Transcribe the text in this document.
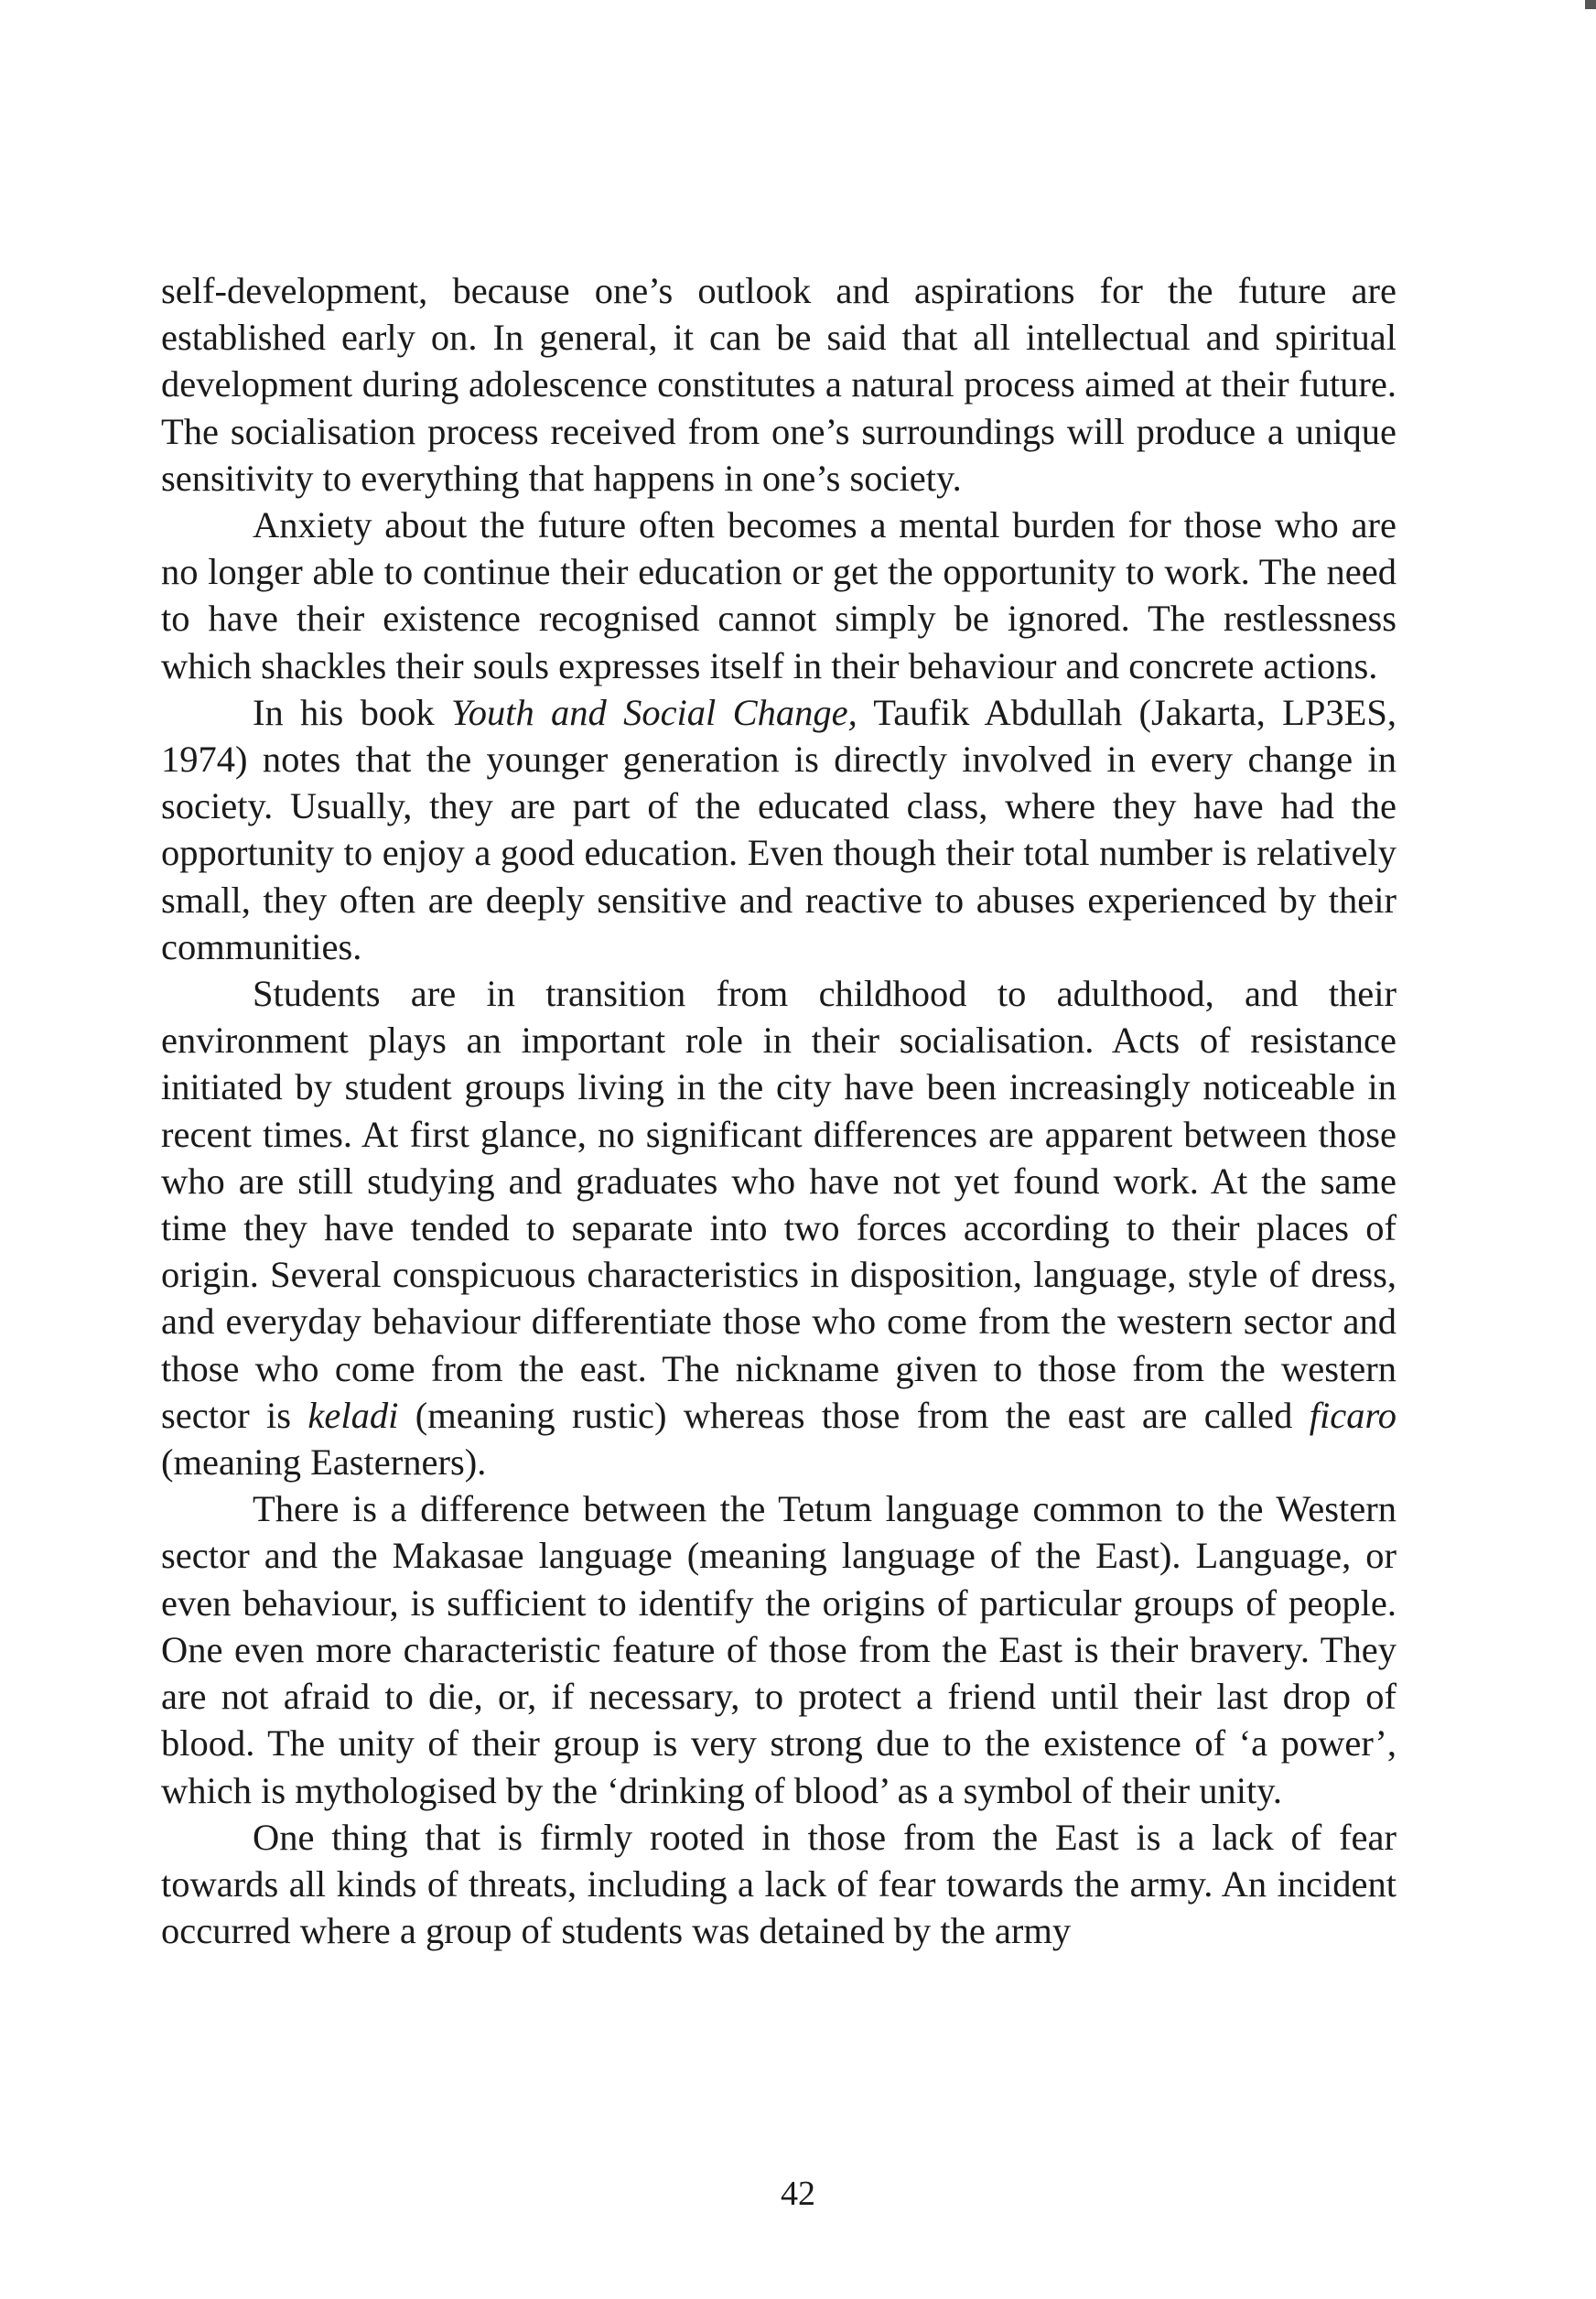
self-development, because one’s outlook and aspirations for the future are established early on. In general, it can be said that all intellectual and spiritual development during adolescence constitutes a natural process aimed at their future. The socialisation process received from one’s surroundings will produce a unique sensitivity to everything that happens in one’s society.

Anxiety about the future often becomes a mental burden for those who are no longer able to continue their education or get the opportunity to work. The need to have their existence recognised cannot simply be ignored. The restlessness which shackles their souls expresses itself in their behaviour and concrete actions.

In his book Youth and Social Change, Taufik Abdullah (Jakarta, LP3ES, 1974) notes that the younger generation is directly involved in every change in society. Usually, they are part of the educated class, where they have had the opportunity to enjoy a good education. Even though their total number is relatively small, they often are deeply sensitive and reactive to abuses experienced by their communities.

Students are in transition from childhood to adulthood, and their environment plays an important role in their socialisation. Acts of resistance initiated by student groups living in the city have been increasingly noticeable in recent times. At first glance, no significant differences are apparent between those who are still studying and graduates who have not yet found work. At the same time they have tended to separate into two forces according to their places of origin. Several conspicuous characteristics in disposition, language, style of dress, and everyday behaviour differentiate those who come from the western sector and those who come from the east. The nickname given to those from the western sector is keladi (meaning rustic) whereas those from the east are called ficaro (meaning Easterners).

There is a difference between the Tetum language common to the Western sector and the Makasae language (meaning language of the East). Language, or even behaviour, is sufficient to identify the origins of particular groups of people. One even more characteristic feature of those from the East is their bravery. They are not afraid to die, or, if necessary, to protect a friend until their last drop of blood. The unity of their group is very strong due to the existence of ‘a power’, which is mythologised by the ‘drinking of blood’ as a symbol of their unity.

One thing that is firmly rooted in those from the East is a lack of fear towards all kinds of threats, including a lack of fear towards the army. An incident occurred where a group of students was detained by the army

42
